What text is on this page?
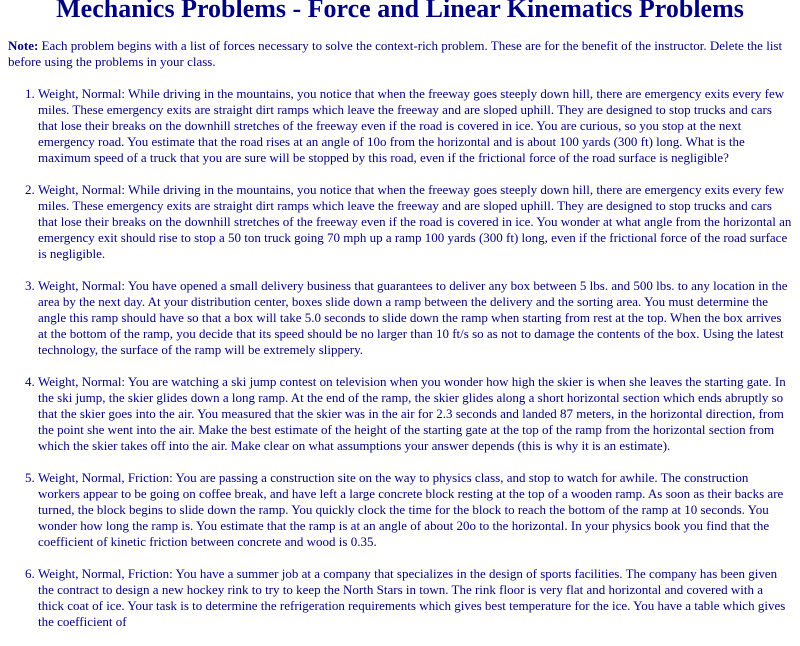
Mechanics Problems - Force and Linear Kinematics Problems

Note: Each problem begins with a list of forces necessary to solve the context-rich problem. These are for the benefit of the instructor. Delete the list before using the problems in your class.

1. Weight, Normal: While driving in the mountains, you notice that when the freeway goes steeply down hill, there are emergency exits every few miles. These emergency exits are straight dirt ramps which leave the freeway and are sloped uphill. They are designed to stop trucks and cars that lose their breaks on the downhill stretches of the freeway even if the road is covered in ice. You are curious, so you stop at the next emergency road. You estimate that the road rises at an angle of 10o from the horizontal and is about 100 yards (300 ft) long. What is the maximum speed of a truck that you are sure will be stopped by this road, even if the frictional force of the road surface is negligible?
2. Weight, Normal: While driving in the mountains, you notice that when the freeway goes steeply down hill, there are emergency exits every few miles. These emergency exits are straight dirt ramps which leave the freeway and are sloped uphill. They are designed to stop trucks and cars that lose their breaks on the downhill stretches of the freeway even if the road is covered in ice. You wonder at what angle from the horizontal an emergency exit should rise to stop a 50 ton truck going 70 mph up a ramp 100 yards (300 ft) long, even if the frictional force of the road surface is negligible.
3. Weight, Normal: You have opened a small delivery business that guarantees to deliver any box between 5 lbs. and 500 lbs. to any location in the area by the next day. At your distribution center, boxes slide down a ramp between the delivery and the sorting area. You must determine the angle this ramp should have so that a box will take 5.0 seconds to slide down the ramp when starting from rest at the top. When the box arrives at the bottom of the ramp, you decide that its speed should be no larger than 10 ft/s so as not to damage the contents of the box. Using the latest technology, the surface of the ramp will be extremely slippery.
4. Weight, Normal: You are watching a ski jump contest on television when you wonder how high the skier is when she leaves the starting gate. In the ski jump, the skier glides down a long ramp. At the end of the ramp, the skier glides along a short horizontal section which ends abruptly so that the skier goes into the air. You measured that the skier was in the air for 2.3 seconds and landed 87 meters, in the horizontal direction, from the point she went into the air. Make the best estimate of the height of the starting gate at the top of the ramp from the horizontal section from which the skier takes off into the air. Make clear on what assumptions your answer depends (this is why it is an estimate).
5. Weight, Normal, Friction: You are passing a construction site on the way to physics class, and stop to watch for awhile. The construction workers appear to be going on coffee break, and have left a large concrete block resting at the top of a wooden ramp. As soon as their backs are turned, the block begins to slide down the ramp. You quickly clock the time for the block to reach the bottom of the ramp at 10 seconds. You wonder how long the ramp is. You estimate that the ramp is at an angle of about 20o to the horizontal. In your physics book you find that the coefficient of kinetic friction between concrete and wood is 0.35.
6. Weight, Normal, Friction: You have a summer job at a company that specializes in the design of sports facilities. The company has been given the contract to design a new hockey rink to try to keep the North Stars in town. The rink floor is very flat and horizontal and covered with a thick coat of ice. Your task is to determine the refrigeration requirements which gives best temperature for the ice. You have a table which gives the coefficient of
